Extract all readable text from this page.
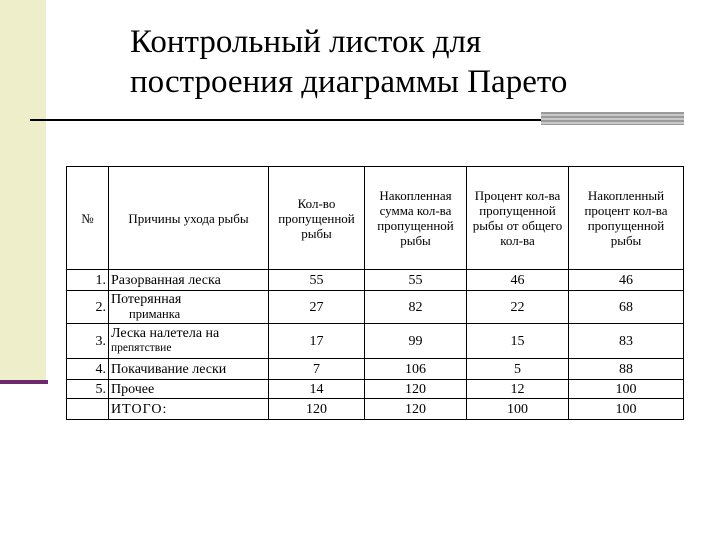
Контрольный листок для
построения диаграммы Парето
№	Причины ухода рыбы	Кол-во пропущенной рыбы	Накопленная сумма кол-ва пропущенной рыбы	Процент кол-ва пропущенной рыбы от общего кол-ва	Накопленный процент кол-ва пропущенной рыбы
1.	Разорванная леска	55	55	46	46
2.	Потерянная
приманка	27	82	22	68
3.	Леска налетела на
препятствие	17	99	15	83
4.	Покачивание лески	7	106	5	88
5.	Прочее	14	120	12	100
	ИТОГО:	120	120	100	100
